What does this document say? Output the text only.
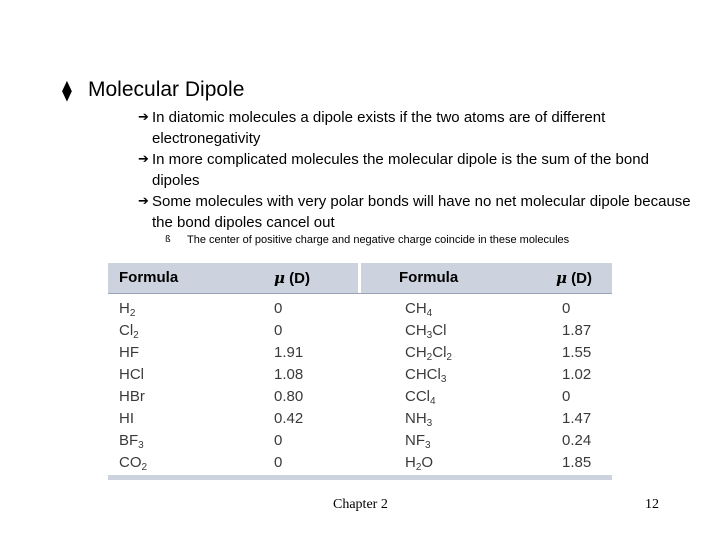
⧫ Molecular Dipole
➔ In diatomic molecules a dipole exists if the two atoms are of different electronegativity
➔ In more complicated molecules the molecular dipole is the sum of the bond dipoles
➔ Some molecules with very polar bonds will have no net molecular dipole because the bond dipoles cancel out
ß	The center of positive charge and negative charge coincide in these molecules
Formula	μ (D)	Formula	μ (D)
$H_2$	0	$CH_4$	0
$Cl_2$	0	$CH_3Cl$	1.87
HF	1.91	$CH_2Cl_2$	1.55
HCl	1.08	CHCl$_3$	1.02
HBr	0.80	CCl$_4$	0
HI	0.42	$NH_3$	1.47
$BF_3$	0	$NF_3$	0.24
$CO_2$	0	$H_2O$	1.85
Chapter 2	12
